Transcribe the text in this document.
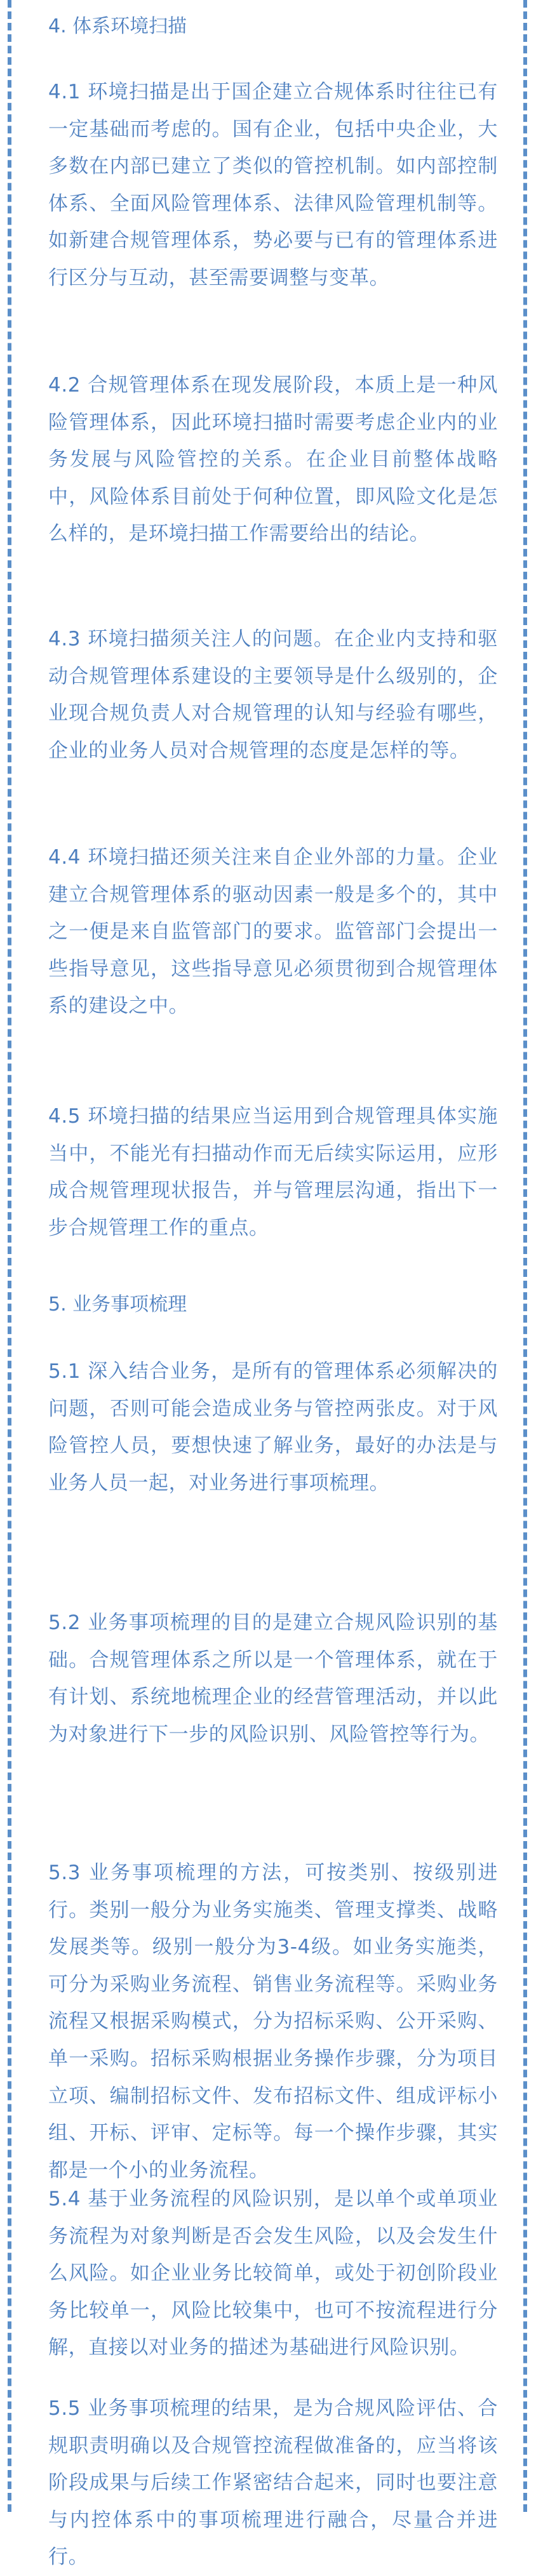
4. 体系环境扫描

4.1 环境扫描是出于国企建立合规体系时往往已有一定基础而考虑的。国有企业，包括中央企业，大多数在内部已建立了类似的管控机制。如内部控制体系、全面风险管理体系、法律风险管理机制等。如新建合规管理体系，势必要与已有的管理体系进行区分与互动，甚至需要调整与变革。

4.2 合规管理体系在现发展阶段，本质上是一种风险管理体系，因此环境扫描时需要考虑企业内的业务发展与风险管控的关系。在企业目前整体战略中，风险体系目前处于何种位置，即风险文化是怎么样的，是环境扫描工作需要给出的结论。

4.3 环境扫描须关注人的问题。在企业内支持和驱动合规管理体系建设的主要领导是什么级别的，企业现合规负责人对合规管理的认知与经验有哪些，企业的业务人员对合规管理的态度是怎样的等。

4.4 环境扫描还须关注来自企业外部的力量。企业建立合规管理体系的驱动因素一般是多个的，其中之一便是来自监管部门的要求。监管部门会提出一些指导意见，这些指导意见必须贯彻到合规管理体系的建设之中。

4.5 环境扫描的结果应当运用到合规管理具体实施当中，不能光有扫描动作而无后续实际运用，应形成合规管理现状报告，并与管理层沟通，指出下一步合规管理工作的重点。

5. 业务事项梳理

5.1 深入结合业务，是所有的管理体系必须解决的问题，否则可能会造成业务与管控两张皮。对于风险管控人员，要想快速了解业务，最好的办法是与业务人员一起，对业务进行事项梳理。

5.2 业务事项梳理的目的是建立合规风险识别的基础。合规管理体系之所以是一个管理体系，就在于有计划、系统地梳理企业的经营管理活动，并以此为对象进行下一步的风险识别、风险管控等行为。

5.3 业务事项梳理的方法，可按类别、按级别进行。类别一般分为业务实施类、管理支撑类、战略发展类等。级别一般分为3-4级。如业务实施类，可分为采购业务流程、销售业务流程等。采购业务流程又根据采购模式，分为招标采购、公开采购、单一采购。招标采购根据业务操作步骤，分为项目立项、编制招标文件、发布招标文件、组成评标小组、开标、评审、定标等。每一个操作步骤，其实都是一个小的业务流程。

5.4 基于业务流程的风险识别，是以单个或单项业务流程为对象判断是否会发生风险，以及会发生什么风险。如企业业务比较简单，或处于初创阶段业务比较单一，风险比较集中，也可不按流程进行分解，直接以对业务的描述为基础进行风险识别。

5.5 业务事项梳理的结果，是为合规风险评估、合规职责明确以及合规管控流程做准备的，应当将该阶段成果与后续工作紧密结合起来，同时也要注意与内控体系中的事项梳理进行融合，尽量合并进行。
